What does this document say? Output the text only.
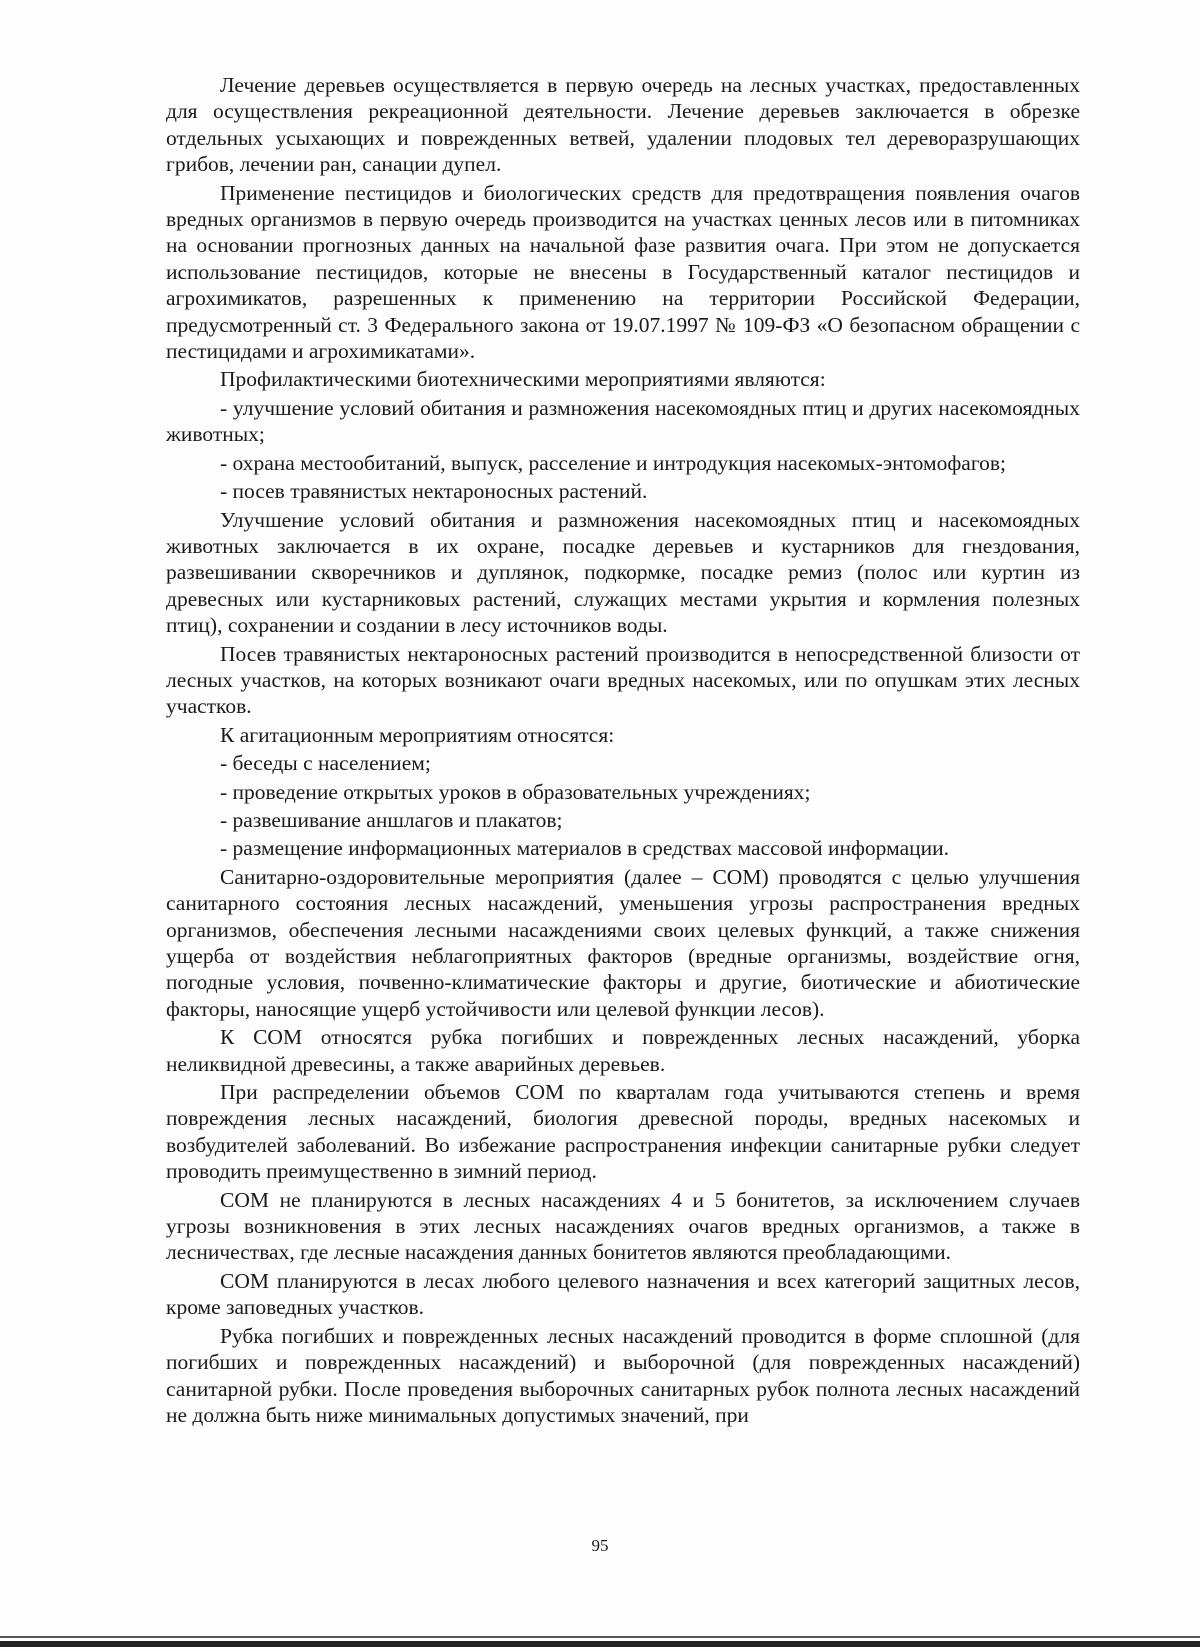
Лечение деревьев осуществляется в первую очередь на лесных участках, предоставленных для осуществления рекреационной деятельности. Лечение деревьев заключается в обрезке отдельных усыхающих и поврежденных ветвей, удалении плодовых тел дереворазрушающих грибов, лечении ран, санации дупел.

Применение пестицидов и биологических средств для предотвращения появления очагов вредных организмов в первую очередь производится на участках ценных лесов или в питомниках на основании прогнозных данных на начальной фазе развития очага. При этом не допускается использование пестицидов, которые не внесены в Государственный каталог пестицидов и агрохимикатов, разрешенных к применению на территории Российской Федерации, предусмотренный ст. 3 Федерального закона от 19.07.1997 № 109-ФЗ «О безопасном обращении с пестицидами и агрохимикатами».

Профилактическими биотехническими мероприятиями являются:

- улучшение условий обитания и размножения насекомоядных птиц и других насекомоядных животных;

- охрана местообитаний, выпуск, расселение и интродукция насекомых-энтомофагов;

- посев травянистых нектароносных растений.

Улучшение условий обитания и размножения насекомоядных птиц и насекомоядных животных заключается в их охране, посадке деревьев и кустарников для гнездования, развешивании скворечников и дуплянок, подкормке, посадке ремиз (полос или куртин из древесных или кустарниковых растений, служащих местами укрытия и кормления полезных птиц), сохранении и создании в лесу источников воды.

Посев травянистых нектароносных растений производится в непосредственной близости от лесных участков, на которых возникают очаги вредных насекомых, или по опушкам этих лесных участков.

К агитационным мероприятиям относятся:

- беседы с населением;

- проведение открытых уроков в образовательных учреждениях;

- развешивание аншлагов и плакатов;

- размещение информационных материалов в средствах массовой информации.

Санитарно-оздоровительные мероприятия (далее – СОМ) проводятся с целью улучшения санитарного состояния лесных насаждений, уменьшения угрозы распространения вредных организмов, обеспечения лесными насаждениями своих целевых функций, а также снижения ущерба от воздействия неблагоприятных факторов (вредные организмы, воздействие огня, погодные условия, почвенно-климатические факторы и другие, биотические и абиотические факторы, наносящие ущерб устойчивости или целевой функции лесов).

К СОМ относятся рубка погибших и поврежденных лесных насаждений, уборка неликвидной древесины, а также аварийных деревьев.

При распределении объемов СОМ по кварталам года учитываются степень и время повреждения лесных насаждений, биология древесной породы, вредных насекомых и возбудителей заболеваний. Во избежание распространения инфекции санитарные рубки следует проводить преимущественно в зимний период.

СОМ не планируются в лесных насаждениях 4 и 5 бонитетов, за исключением случаев угрозы возникновения в этих лесных насаждениях очагов вредных организмов, а также в лесничествах, где лесные насаждения данных бонитетов являются преобладающими.

СОМ планируются в лесах любого целевого назначения и всех категорий защитных лесов, кроме заповедных участков.

Рубка погибших и поврежденных лесных насаждений проводится в форме сплошной (для погибших и поврежденных насаждений) и выборочной (для поврежденных насаждений) санитарной рубки. После проведения выборочных санитарных рубок полнота лесных насаждений не должна быть ниже минимальных допустимых значений, при

95
